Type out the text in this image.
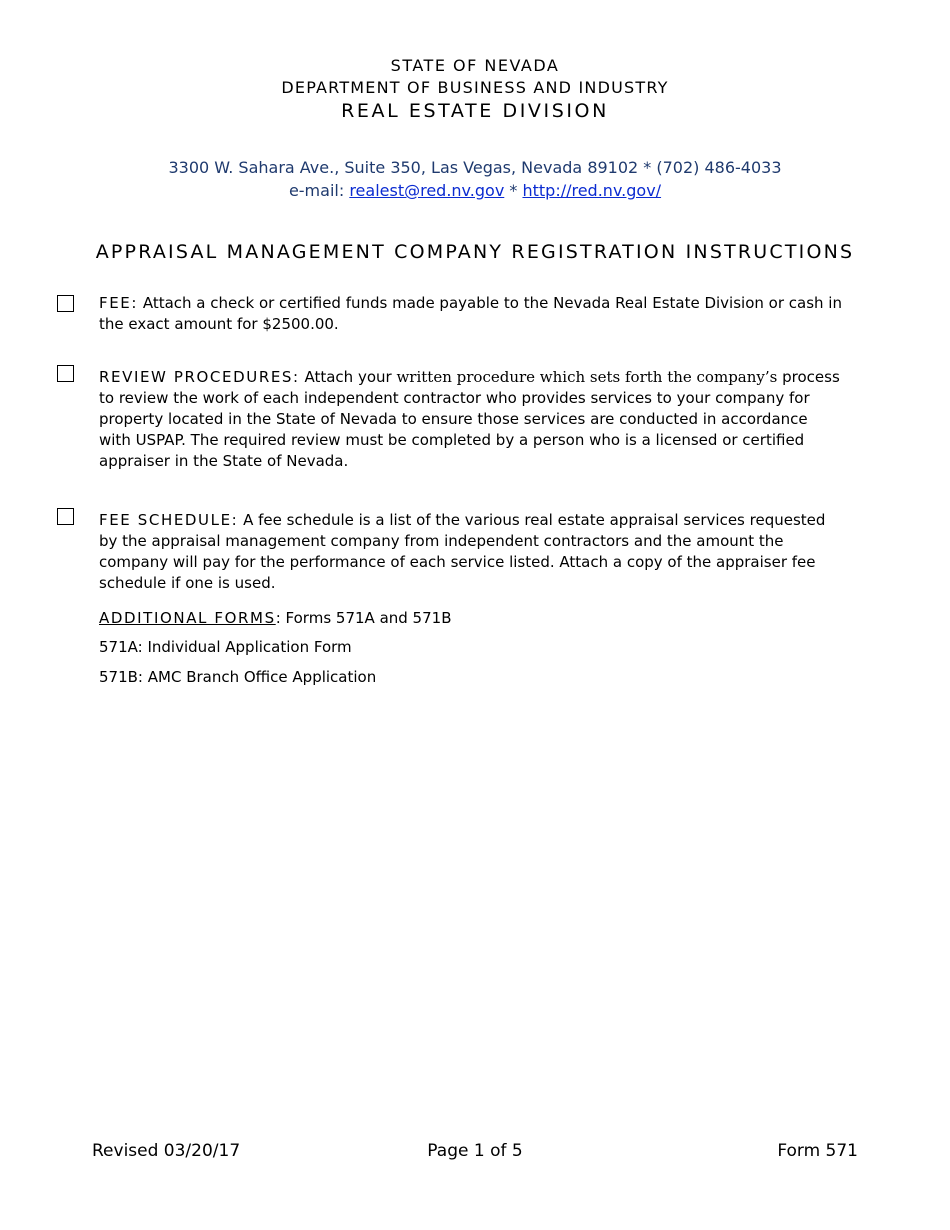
STATE OF NEVADA
DEPARTMENT OF BUSINESS AND INDUSTRY
REAL ESTATE DIVISION
3300 W. Sahara Ave., Suite 350, Las Vegas, Nevada 89102 * (702) 486-4033
e-mail: realest@red.nv.gov * http://red.nv.gov/
APPRAISAL MANAGEMENT COMPANY REGISTRATION INSTRUCTIONS
FEE: Attach a check or certified funds made payable to the Nevada Real Estate Division or cash in the exact amount for $2500.00.
REVIEW PROCEDURES: Attach your written procedure which sets forth the company’s process to review the work of each independent contractor who provides services to your company for property located in the State of Nevada to ensure those services are conducted in accordance with USPAP. The required review must be completed by a person who is a licensed or certified appraiser in the State of Nevada.
FEE SCHEDULE: A fee schedule is a list of the various real estate appraisal services requested by the appraisal management company from independent contractors and the amount the company will pay for the performance of each service listed. Attach a copy of the appraiser fee schedule if one is used.
ADDITIONAL FORMS: Forms 571A and 571B
571A: Individual Application Form
571B: AMC Branch Office Application
Revised 03/20/17	Page 1 of 5	Form 571
